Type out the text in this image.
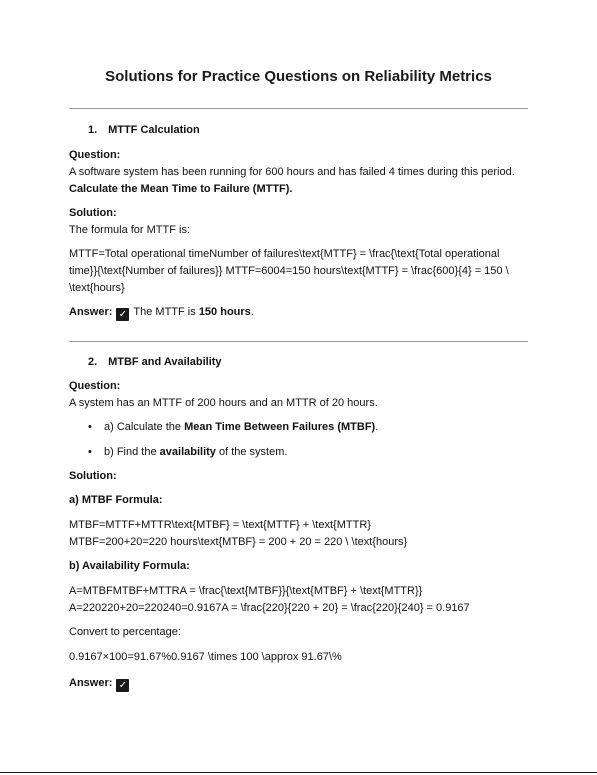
Solutions for Practice Questions on Reliability Metrics
1. MTTF Calculation
Question:
A software system has been running for 600 hours and has failed 4 times during this period.
Calculate the Mean Time to Failure (MTTF).
Solution:
The formula for MTTF is:
MTTF=Total operational timeNumber of failures\text{MTTF} = \frac{\text{Total operational
time}}{\text{Number of failures}} MTTF=6004=150 hours\text{MTTF} = \frac{600}{4} = 150 \
\text{hours}
Answer: ✓ The MTTF is 150 hours.
2. MTBF and Availability
Question:
A system has an MTTF of 200 hours and an MTTR of 20 hours.
• a) Calculate the Mean Time Between Failures (MTBF).
• b) Find the availability of the system.
Solution:
a) MTBF Formula:
MTBF=MTTF+MTTR\text{MTBF} = \text{MTTF} + \text{MTTR}
MTBF=200+20=220 hours\text{MTBF} = 200 + 20 = 220 \ \text{hours}
b) Availability Formula:
A=MTBFMTBF+MTTRA = \frac{\text{MTBF}}{\text{MTBF} + \text{MTTR}}
A=220220+20=220240=0.9167A = \frac{220}{220 + 20} = \frac{220}{240} = 0.9167
Convert to percentage:
0.9167×100=91.67%0.9167 \times 100 \approx 91.67\%
Answer: ✓
